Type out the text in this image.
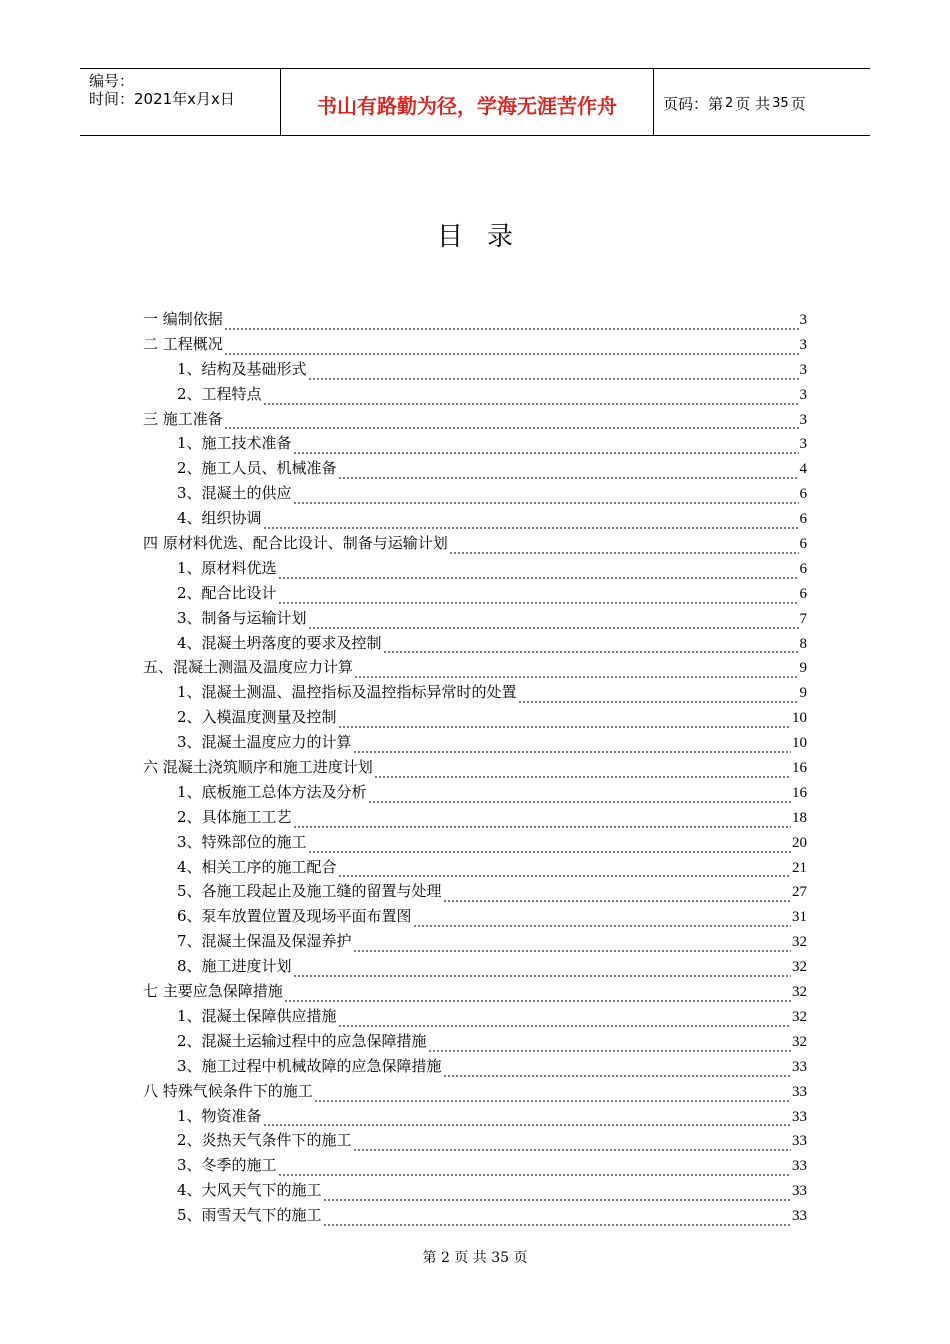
编号：
时间：2021年x月x日	书山有路勤为径，学海无涯苦作舟	页码：第 2 页 共 35 页
目录
一 编制依据	3
二 工程概况	3
1、结构及基础形式	3
2、工程特点	3
三 施工准备	3
1、施工技术准备	3
2、施工人员、机械准备	4
3、混凝土的供应	6
4、组织协调	6
四 原材料优选、配合比设计、制备与运输计划	6
1、原材料优选	6
2、配合比设计	6
3、制备与运输计划	7
4、混凝土坍落度的要求及控制	8
五、混凝土测温及温度应力计算	9
1、混凝土测温、温控指标及温控指标异常时的处置	9
2、入模温度测量及控制	10
3、混凝土温度应力的计算	10
六 混凝土浇筑顺序和施工进度计划	16
1、底板施工总体方法及分析	16
2、具体施工工艺	18
3、特殊部位的施工	20
4、相关工序的施工配合	21
5、各施工段起止及施工缝的留置与处理	27
6、泵车放置位置及现场平面布置图	31
7、混凝土保温及保湿养护	32
8、施工进度计划	32
七 主要应急保障措施	32
1、混凝土保障供应措施	32
2、混凝土运输过程中的应急保障措施	32
3、施工过程中机械故障的应急保障措施	33
八 特殊气候条件下的施工	33
1、物资准备	33
2、炎热天气条件下的施工	33
3、冬季的施工	33
4、大风天气下的施工	33
5、雨雪天气下的施工	33
第 2 页 共 35 页
